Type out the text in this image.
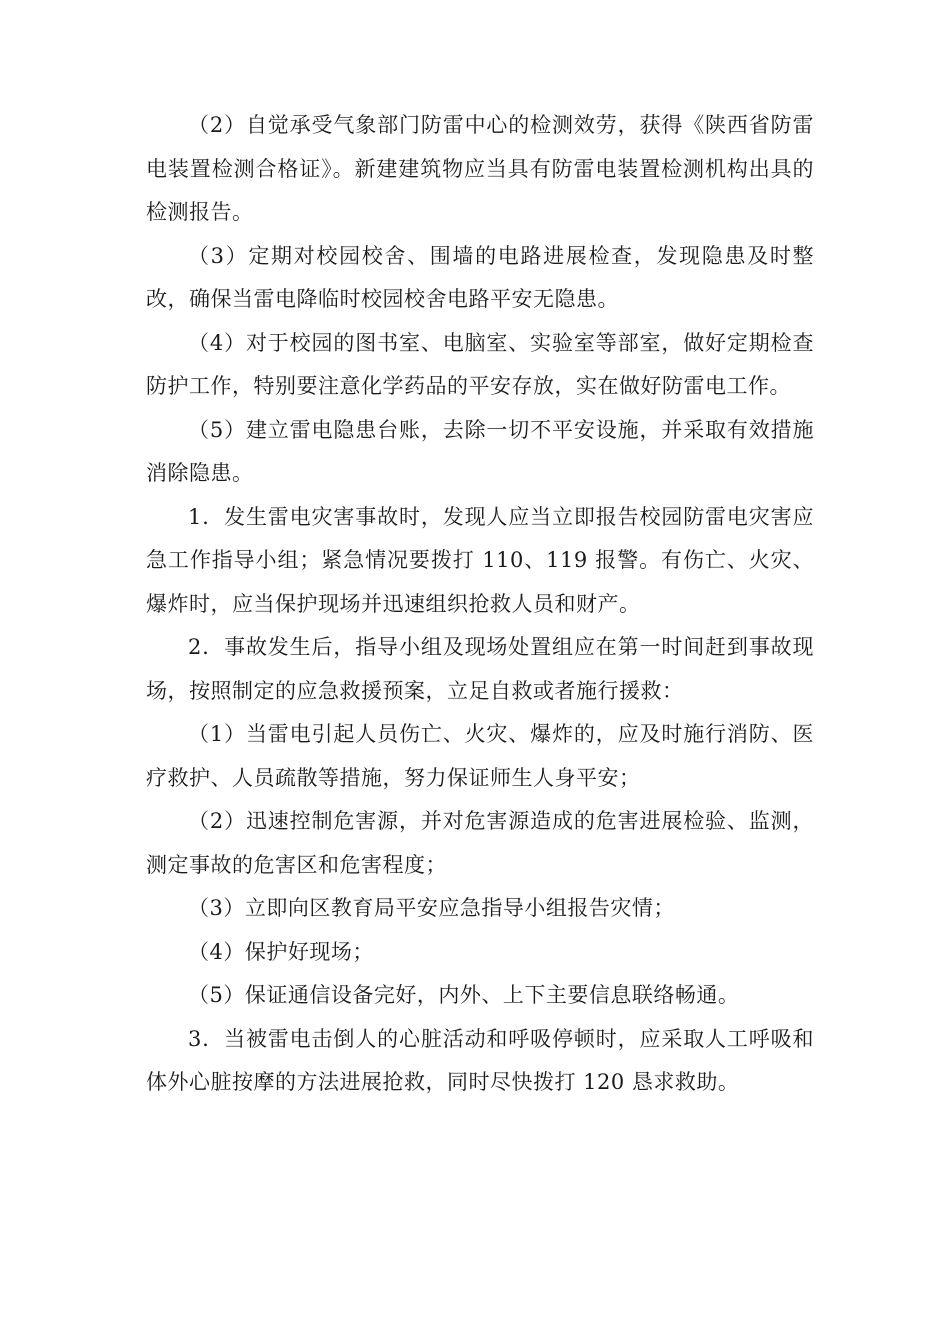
（2）自觉承受气象部门防雷中心的检测效劳，获得《陕西省防雷电装置检测合格证》。新建建筑物应当具有防雷电装置检测机构出具的检测报告。

（3）定期对校园校舍、围墙的电路进展检查，发现隐患及时整改，确保当雷电降临时校园校舍电路平安无隐患。

（4）对于校园的图书室、电脑室、实验室等部室，做好定期检查防护工作，特别要注意化学药品的平安存放，实在做好防雷电工作。

（5）建立雷电隐患台账，去除一切不平安设施，并采取有效措施消除隐患。

1．发生雷电灾害事故时，发现人应当立即报告校园防雷电灾害应急工作指导小组；紧急情况要拨打 110、119 报警。有伤亡、火灾、爆炸时，应当保护现场并迅速组织抢救人员和财产。

2．事故发生后，指导小组及现场处置组应在第一时间赶到事故现场，按照制定的应急救援预案，立足自救或者施行援救：

（1）当雷电引起人员伤亡、火灾、爆炸的，应及时施行消防、医疗救护、人员疏散等措施，努力保证师生人身平安；

（2）迅速控制危害源，并对危害源造成的危害进展检验、监测，测定事故的危害区和危害程度；

（3）立即向区教育局平安应急指导小组报告灾情；

（4）保护好现场；

（5）保证通信设备完好，内外、上下主要信息联络畅通。

3．当被雷电击倒人的心脏活动和呼吸停顿时，应采取人工呼吸和体外心脏按摩的方法进展抢救，同时尽快拨打 120 恳求救助。
